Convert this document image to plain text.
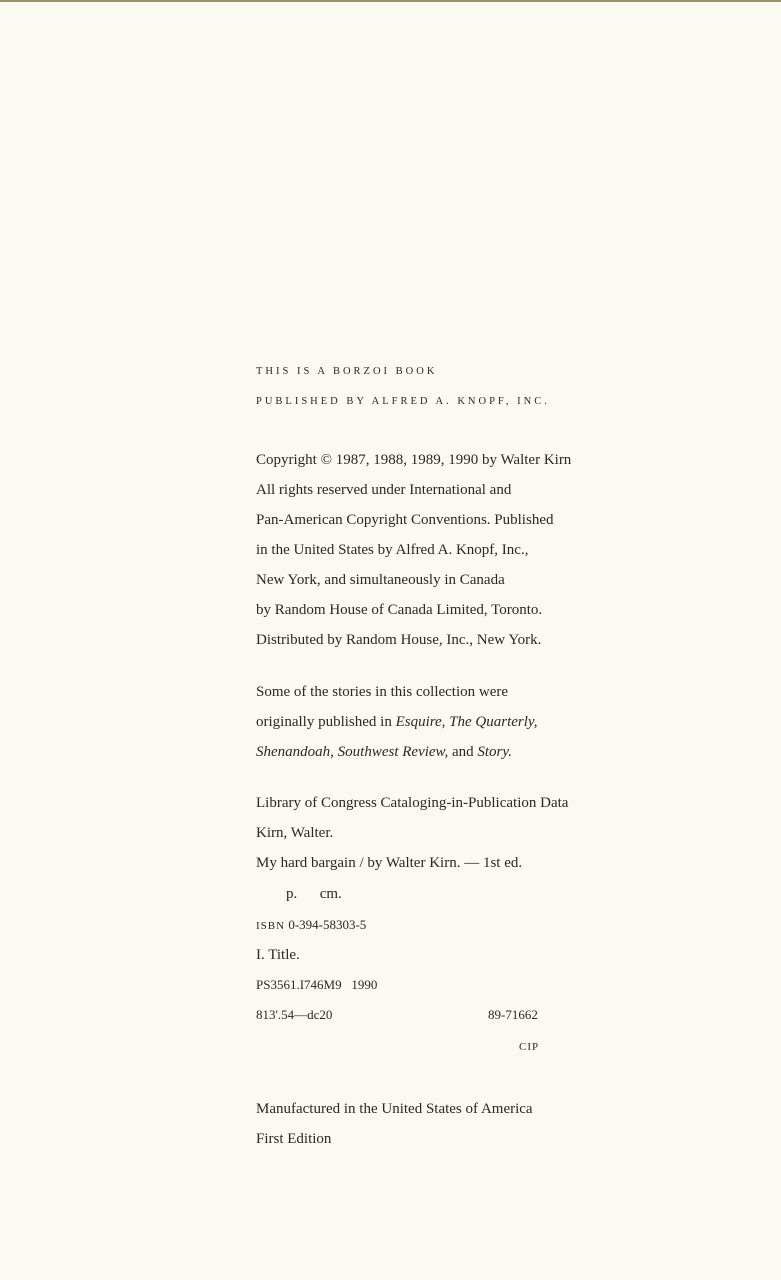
THIS IS A BORZOI BOOK
PUBLISHED BY ALFRED A. KNOPF, INC.
Copyright © 1987, 1988, 1989, 1990 by Walter Kirn
All rights reserved under International and
Pan-American Copyright Conventions. Published
in the United States by Alfred A. Knopf, Inc.,
New York, and simultaneously in Canada
by Random House of Canada Limited, Toronto.
Distributed by Random House, Inc., New York.
Some of the stories in this collection were
originally published in Esquire, The Quarterly,
Shenandoah, Southwest Review, and Story.
Library of Congress Cataloging-in-Publication Data
Kirn, Walter.
My hard bargain / by Walter Kirn. — 1st ed.
p.      cm.
ISBN 0-394-58303-5
I. Title.
PS3561.I746M9   1990
813'.54—dc20	89-71662
CIP
Manufactured in the United States of America
First Edition
